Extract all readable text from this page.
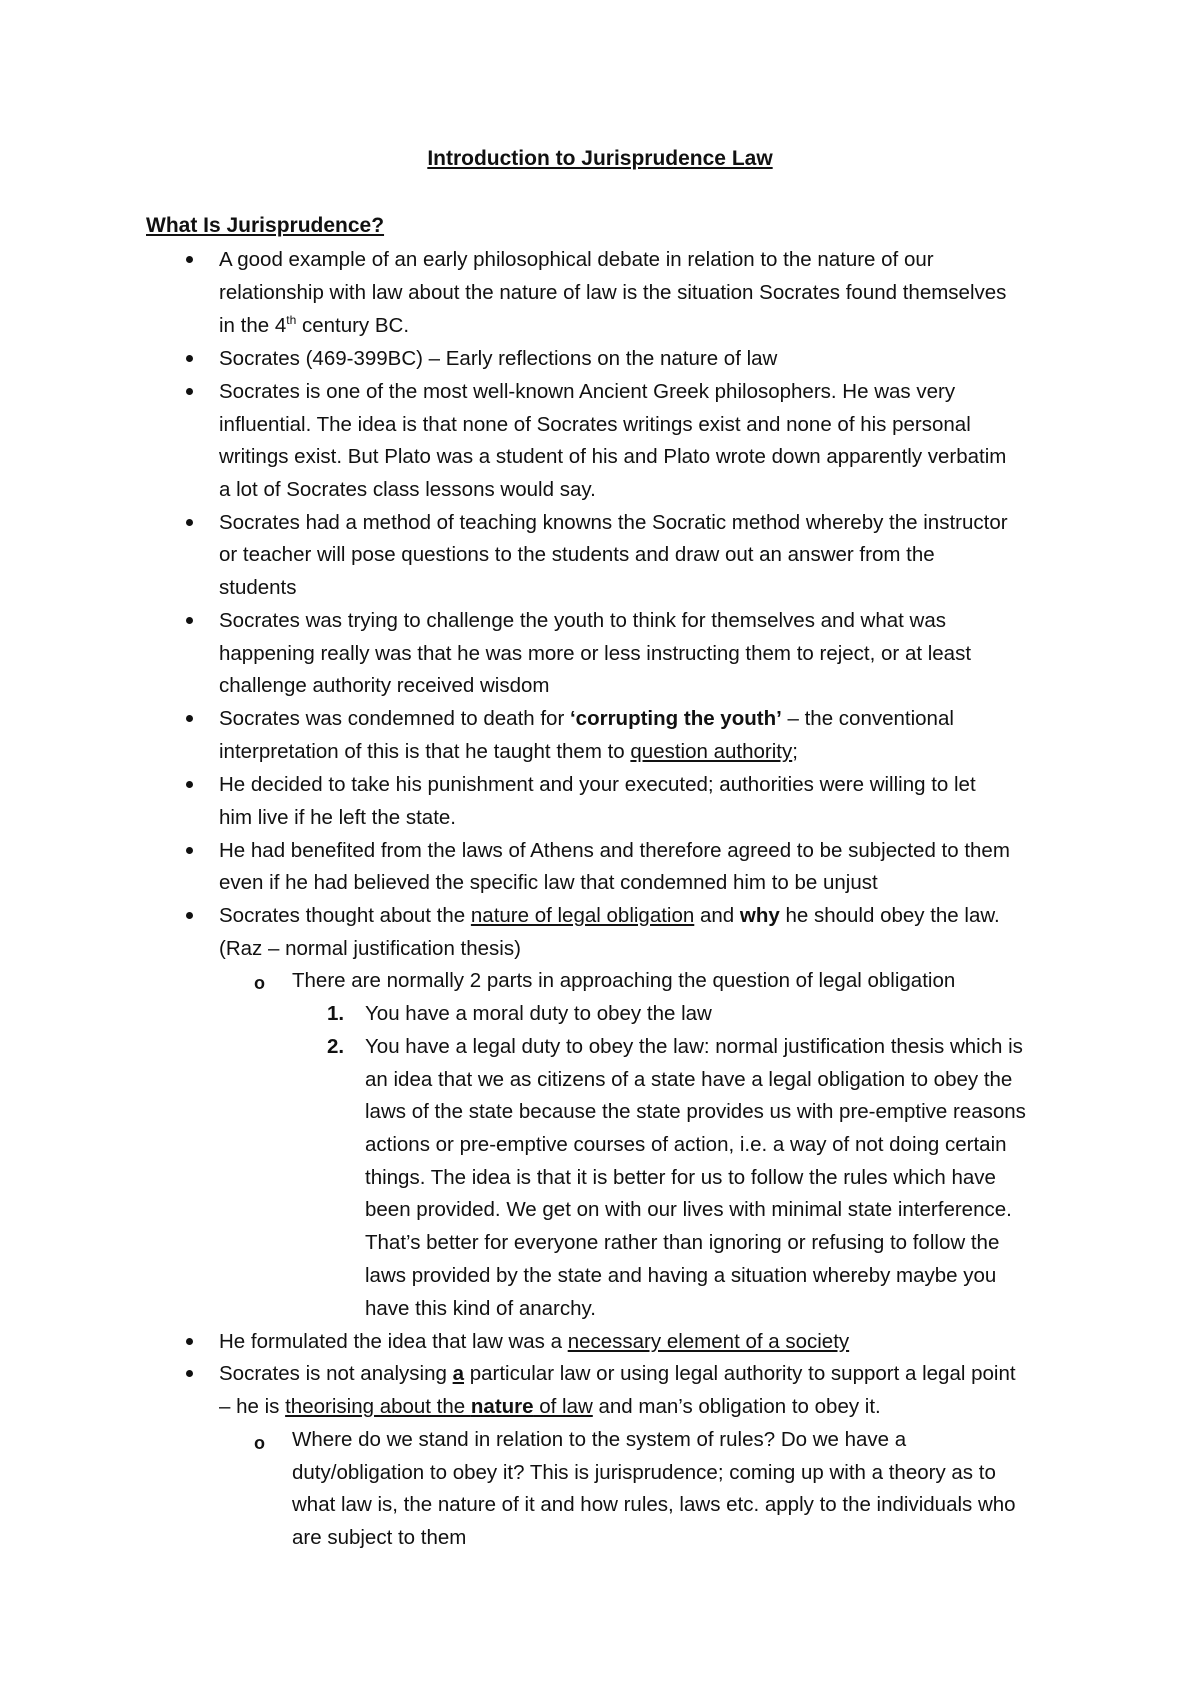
Introduction to Jurisprudence Law
What Is Jurisprudence?
A good example of an early philosophical debate in relation to the nature of our
relationship with law about the nature of law is the situation Socrates found themselves
in the 4th century BC.
Socrates (469-399BC) – Early reflections on the nature of law
Socrates is one of the most well-known Ancient Greek philosophers. He was very
influential. The idea is that none of Socrates writings exist and none of his personal
writings exist. But Plato was a student of his and Plato wrote down apparently verbatim
a lot of Socrates class lessons would say.
Socrates had a method of teaching knowns the Socratic method whereby the instructor
or teacher will pose questions to the students and draw out an answer from the
students
Socrates was trying to challenge the youth to think for themselves and what was
happening really was that he was more or less instructing them to reject, or at least
challenge authority received wisdom
Socrates was condemned to death for ‘corrupting the youth’ – the conventional
interpretation of this is that he taught them to question authority;
He decided to take his punishment and your executed; authorities were willing to let
him live if he left the state.
He had benefited from the laws of Athens and therefore agreed to be subjected to them
even if he had believed the specific law that condemned him to be unjust
Socrates thought about the nature of legal obligation and why he should obey the law.
(Raz – normal justification thesis)
o There are normally 2 parts in approaching the question of legal obligation
1. You have a moral duty to obey the law
2. You have a legal duty to obey the law: normal justification thesis which is
an idea that we as citizens of a state have a legal obligation to obey the
laws of the state because the state provides us with pre-emptive reasons
actions or pre-emptive courses of action, i.e. a way of not doing certain
things. The idea is that it is better for us to follow the rules which have
been provided. We get on with our lives with minimal state interference.
That’s better for everyone rather than ignoring or refusing to follow the
laws provided by the state and having a situation whereby maybe you
have this kind of anarchy.
He formulated the idea that law was a necessary element of a society
Socrates is not analysing a particular law or using legal authority to support a legal point
– he is theorising about the nature of law and man’s obligation to obey it.
o Where do we stand in relation to the system of rules? Do we have a
duty/obligation to obey it? This is jurisprudence; coming up with a theory as to
what law is, the nature of it and how rules, laws etc. apply to the individuals who
are subject to them
